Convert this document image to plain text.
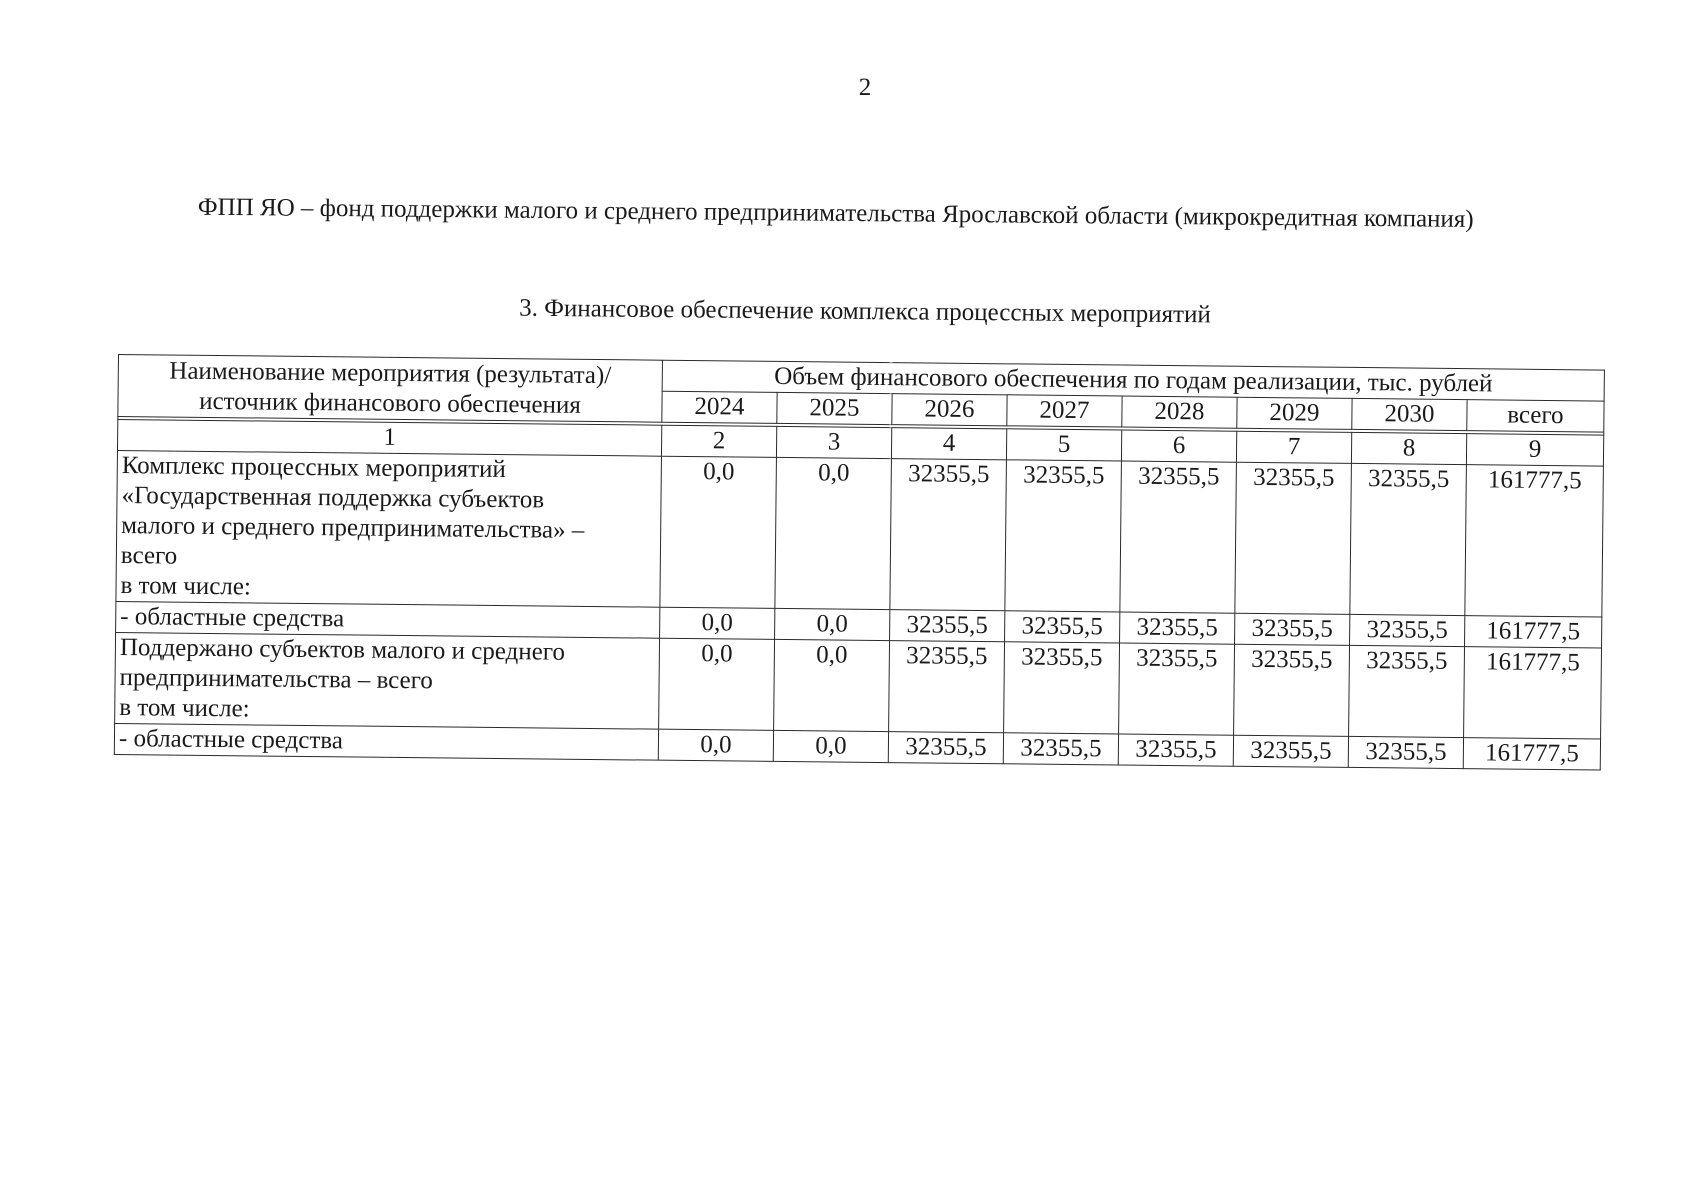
2
ФПП ЯО – фонд поддержки малого и среднего предпринимательства Ярославской области (микрокредитная компания)
3. Финансовое обеспечение комплекса процессных мероприятий
Наименование мероприятия (результата)/ источник финансового обеспечения	Объем финансового обеспечения по годам реализации, тыс. рублей							
	2024	2025	2026	2027	2028	2029	2030	всего

1	2	3	4	5	6	7	8	9

Комплекс процессных мероприятий
«Государственная поддержка субъектов
малого и среднего предпринимательства» –
всего
в том числе:	0,0	0,0	32355,5	32355,5	32355,5	32355,5	32355,5	161777,5

- областные средства	0,0	0,0	32355,5	32355,5	32355,5	32355,5	32355,5	161777,5

Поддержано субъектов малого и среднего
предпринимательства – всего
в том числе:	0,0	0,0	32355,5	32355,5	32355,5	32355,5	32355,5	161777,5

- областные средства	0,0	0,0	32355,5	32355,5	32355,5	32355,5	32355,5	161777,5
